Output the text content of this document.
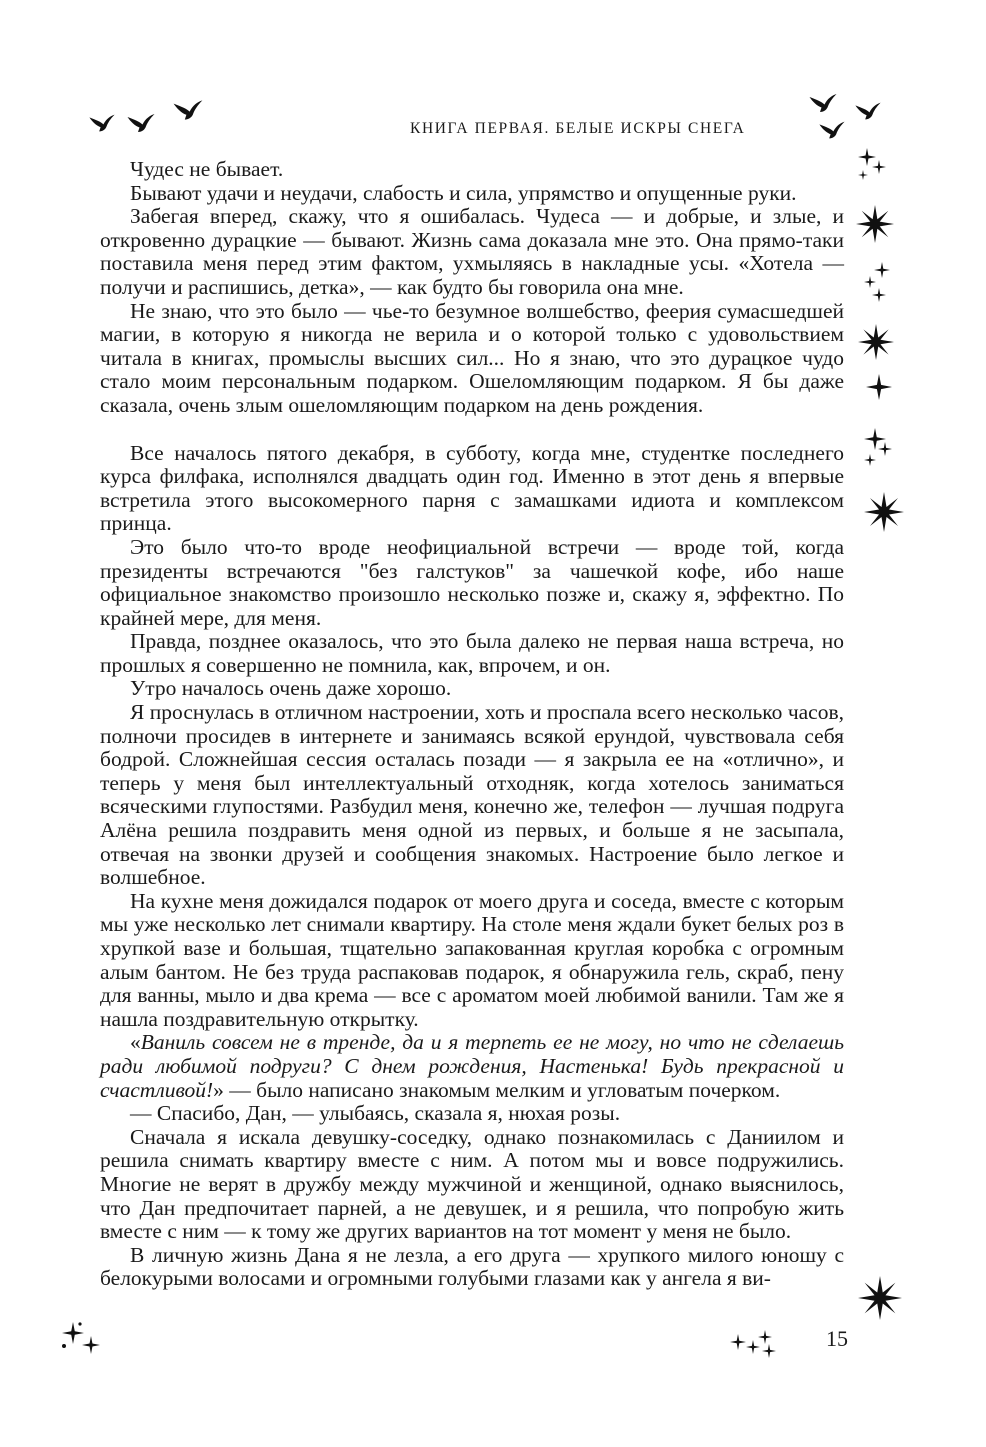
КНИГА ПЕРВАЯ. БЕЛЫЕ ИСКРЫ СНЕГА

Чудес не бывает.

Бывают удачи и неудачи, слабость и сила, упрямство и опущенные руки.

Забегая вперед, скажу, что я ошибалась. Чудеса — и добрые, и злые, и откровенно дурацкие — бывают. Жизнь сама доказала мне это. Она прямо-таки поставила меня перед этим фактом, ухмыляясь в накладные усы. «Хотела — получи и распишись, детка», — как будто бы говорила она мне.

Не знаю, что это было — чье-то безумное волшебство, феерия сумасшедшей магии, в которую я никогда не верила и о которой только с удовольствием читала в книгах, промыслы высших сил... Но я знаю, что это дурацкое чудо стало моим персональным подарком. Ошеломляющим подарком. Я бы даже сказала, очень злым ошеломляющим подарком на день рождения.

Все началось пятого декабря, в субботу, когда мне, студентке последнего курса филфака, исполнялся двадцать один год. Именно в этот день я впервые встретила этого высокомерного парня с замашками идиота и комплексом принца.

Это было что-то вроде неофициальной встречи — вроде той, когда президенты встречаются "без галстуков" за чашечкой кофе, ибо наше официальное знакомство произошло несколько позже и, скажу я, эффектно. По крайней мере, для меня.

Правда, позднее оказалось, что это была далеко не первая наша встреча, но прошлых я совершенно не помнила, как, впрочем, и он.

Утро началось очень даже хорошо.

Я проснулась в отличном настроении, хоть и проспала всего несколько часов, полночи просидев в интернете и занимаясь всякой ерундой, чувствовала себя бодрой. Сложнейшая сессия осталась позади — я закрыла ее на «отлично», и теперь у меня был интеллектуальный отходняк, когда хотелось заниматься всяческими глупостями. Разбудил меня, конечно же, телефон — лучшая подруга Алёна решила поздравить меня одной из первых, и больше я не засыпала, отвечая на звонки друзей и сообщения знакомых. Настроение было легкое и волшебное.

На кухне меня дожидался подарок от моего друга и соседа, вместе с которым мы уже несколько лет снимали квартиру. На столе меня ждали букет белых роз в хрупкой вазе и большая, тщательно запакованная круглая коробка с огромным алым бантом. Не без труда распаковав подарок, я обнаружила гель, скраб, пену для ванны, мыло и два крема — все с ароматом моей любимой ванили. Там же я нашла поздравительную открытку.

«Ваниль совсем не в тренде, да и я терпеть ее не могу, но что не сделаешь ради любимой подруги? С днем рождения, Настенька! Будь прекрасной и счастливой!» — было написано знакомым мелким и угловатым почерком.

— Спасибо, Дан, — улыбаясь, сказала я, нюхая розы.

Сначала я искала девушку-соседку, однако познакомилась с Даниилом и решила снимать квартиру вместе с ним. А потом мы и вовсе подружились. Многие не верят в дружбу между мужчиной и женщиной, однако выяснилось, что Дан предпочитает парней, а не девушек, и я решила, что попробую жить вместе с ним — к тому же других вариантов на тот момент у меня не было.

В личную жизнь Дана я не лезла, а его друга — хрупкого милого юношу с белокурыми волосами и огромными голубыми глазами как у ангела я ви-

15
